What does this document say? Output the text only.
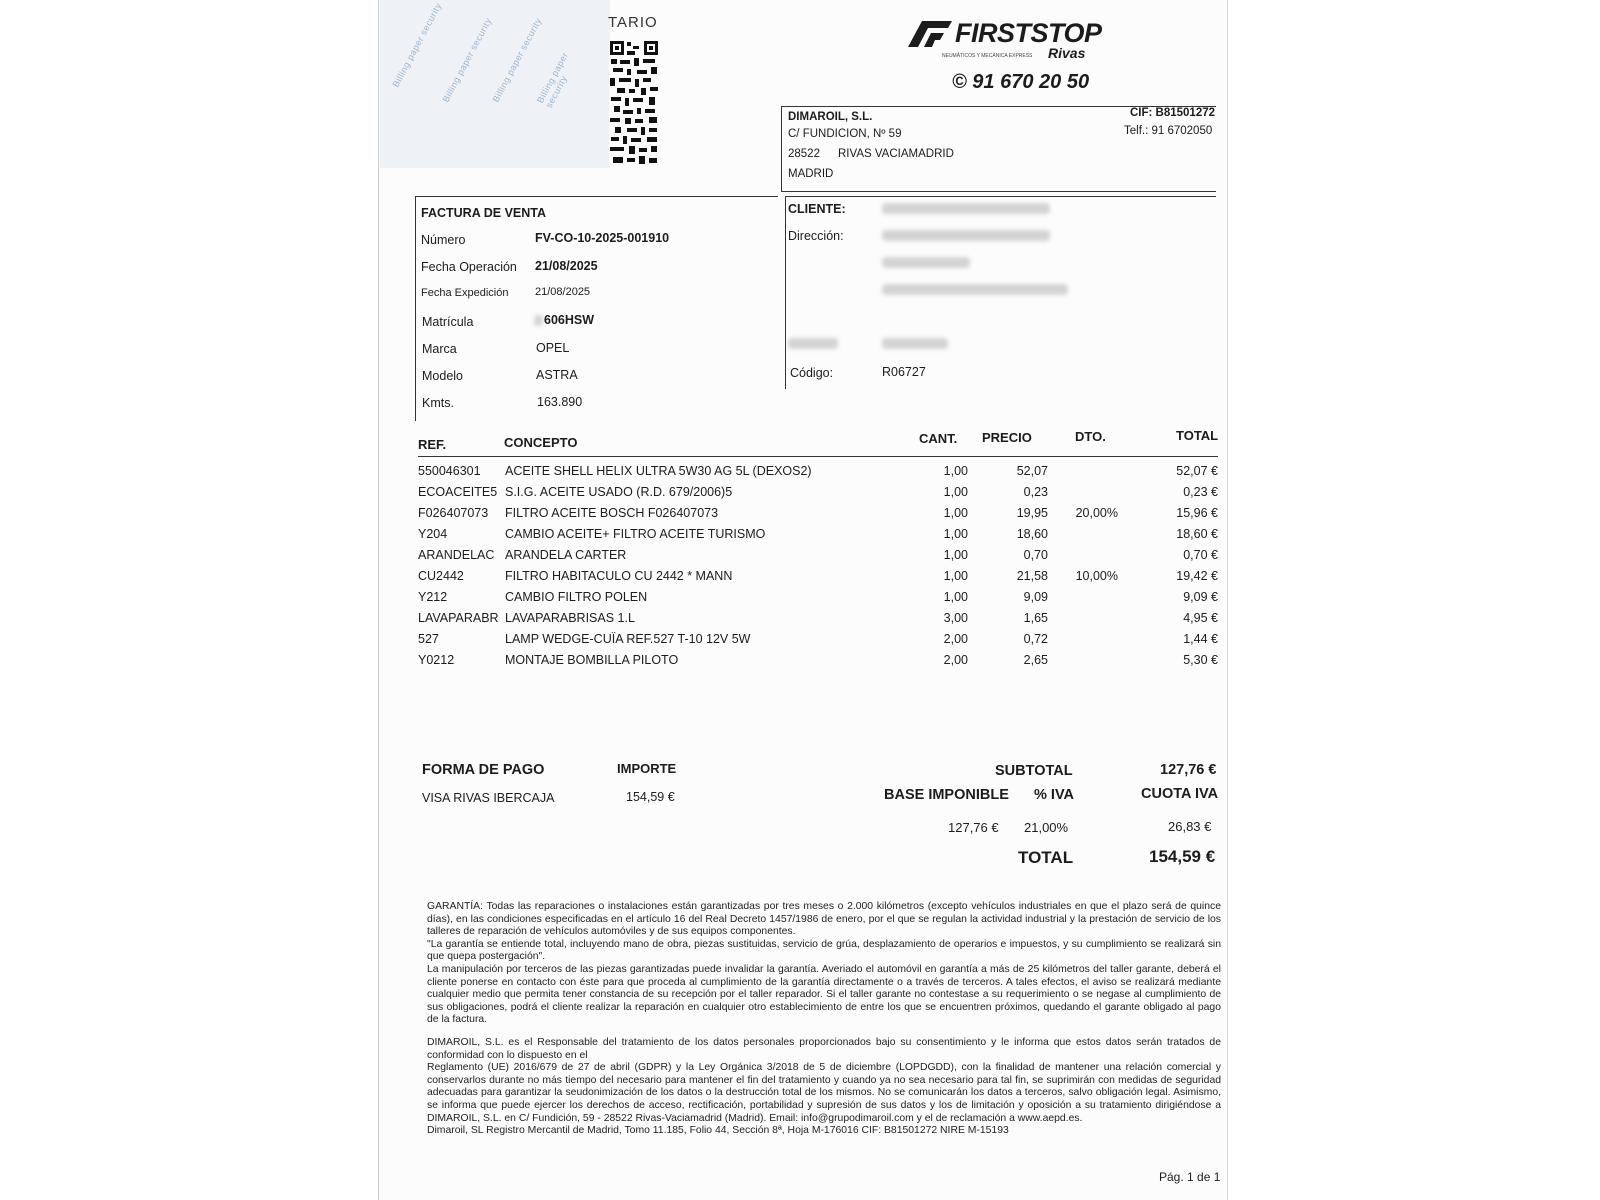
Billing paper security
Billing paper security
Billing paper security
Billing paper security
TARIO	FIRSTSTOP
NEUMÁTICOS Y MECÁNICA EXPRESS Rivas
© 91 670 20 50
DIMAROIL, S.L.
C/ FUNDICION, Nº 59
28522 RIVAS VACIAMADRID
MADRID
CIF: B81501272
Telf.: 91 6702050
FACTURA DE VENTA
Número	FV-CO-10-2025-001910
Fecha Operación 21/08/2025
Fecha Expedición 21/08/2025
Matrícula	606HSW
Marca	OPEL
Modelo	ASTRA
Kmts.	163.890
CLIENTE:
Dirección:
Código:	R06727
REF.	CONCEPTO	CANT. PRECIO	DTO.	TOTAL
550046301 ACEITE SHELL HELIX ULTRA 5W30 AG 5L (DEXOS2)	1,00	52,07	52,07 €
ECOACEITE5 S.I.G. ACEITE USADO (R.D. 679/2006)5	1,00	0,23	0,23 €
F026407073 FILTRO ACEITE BOSCH F026407073	1,00	19,95	20,00%	15,96 €
Y204	CAMBIO ACEITE+ FILTRO ACEITE TURISMO	1,00	18,60	18,60 €
ARANDELAC ARANDELA CARTER	1,00	0,70	0,70 €
CU2442	FILTRO HABITACULO CU 2442 * MANN	1,00	21,58	10,00%	19,42 €
Y212	CAMBIO FILTRO POLEN	1,00	9,09	9,09 €
LAVAPARABR LAVAPARABRISAS 1.L	3,00	1,65	4,95 €
527	LAMP WEDGE-CUÏA REF.527 T-10 12V 5W	2,00	0,72	1,44 €
Y0212	MONTAJE BOMBILLA PILOTO	2,00	2,65	5,30 €
FORMA DE PAGO	IMPORTE
VISA RIVAS IBERCAJA	154,59 €
SUBTOTAL	127,76 €
BASE IMPONIBLE % IVA	CUOTA IVA
127,76 € 21,00%	26,83 €
TOTAL	154,59 €
GARANTÍA: Todas las reparaciones o instalaciones están garantizadas por tres meses o 2.000 kilómetros (excepto vehículos industriales en que el plazo será de quince días), en las condiciones especificadas en el artículo 16 del Real Decreto 1457/1986 de enero, por el que se regulan la actividad industrial y la prestación de servicio de los talleres de reparación de vehículos automóviles y de sus equipos componentes.
"La garantía se entiende total, incluyendo mano de obra, piezas sustituidas, servicio de grúa, desplazamiento de operarios e impuestos, y su cumplimiento se realizará sin que quepa postergación".
La manipulación por terceros de las piezas garantizadas puede invalidar la garantía. Averiado el automóvil en garantía a más de 25 kilómetros del taller garante, deberá el cliente ponerse en contacto con éste para que proceda al cumplimiento de la garantía directamente o a través de terceros. A tales efectos, el aviso se realizará mediante cualquier medio que permita tener constancia de su recepción por el taller reparador. Si el taller garante no contestase a su requerimiento o se negase al cumplimiento de sus obligaciones, podrá el cliente realizar la reparación en cualquier otro establecimiento de entre los que se encuentren próximos, quedando el garante obligado al pago de la factura.
DIMAROIL, S.L. es el Responsable del tratamiento de los datos personales proporcionados bajo su consentimiento y le informa que estos datos serán tratados de conformidad con lo dispuesto en el
Reglamento (UE) 2016/679 de 27 de abril (GDPR) y la Ley Orgánica 3/2018 de 5 de diciembre (LOPDGDD), con la finalidad de mantener una relación comercial y conservarlos durante no más tiempo del necesario para mantener el fin del tratamiento y cuando ya no sea necesario para tal fin, se suprimirán con medidas de seguridad adecuadas para garantizar la seudonimización de los datos o la destrucción total de los mismos. No se comunicarán los datos a terceros, salvo obligación legal. Asimismo, se informa que puede ejercer los derechos de acceso, rectificación, portabilidad y supresión de sus datos y los de limitación y oposición a su tratamiento dirigiéndose a DIMAROIL, S.L. en C/ Fundición, 59 - 28522 Rivas-Vaciamadrid (Madrid). Email: info@grupodimaroil.com y el de reclamación a www.aepd.es.
Dimaroil, SL Registro Mercantil de Madrid, Tomo 11.185, Folio 44, Sección 8ª, Hoja M-176016 CIF: B81501272 NIRE M-15193
Pág. 1 de 1
